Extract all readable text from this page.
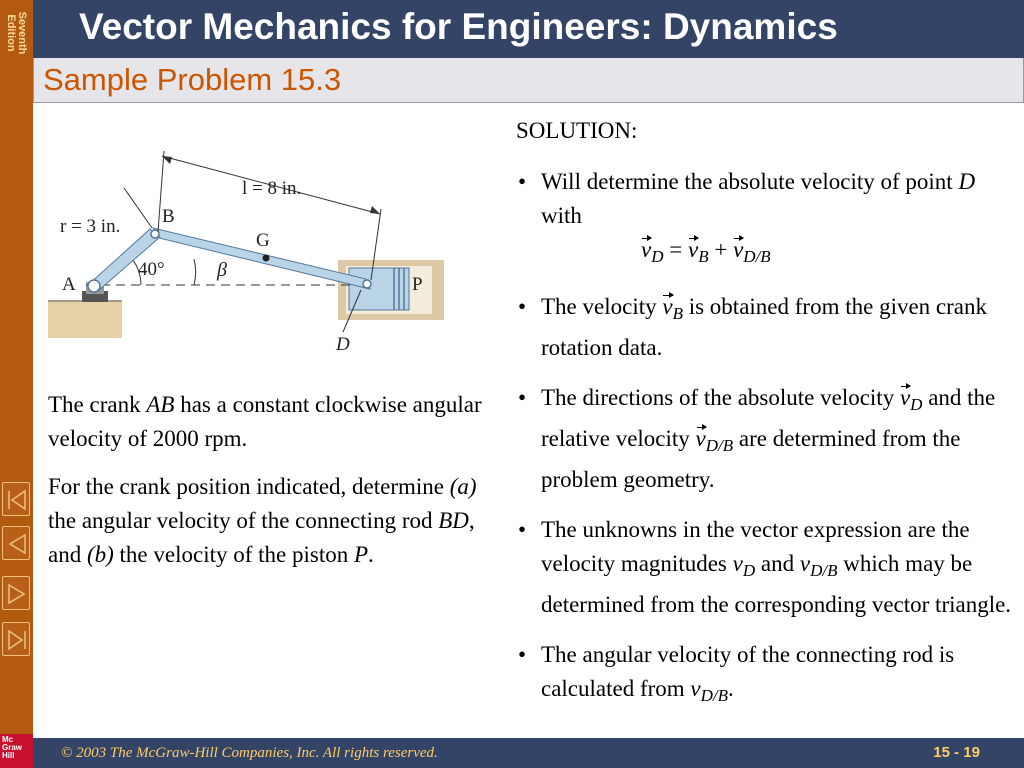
Seventh
Edition
Mc
Graw
Hill
Vector Mechanics for Engineers: Dynamics
Sample Problem 15.3
l = 8 in.
r = 3 in.
40°	β
A
B
G
P
D

The crank AB has a constant clockwise angular velocity of 2000 rpm.

For the crank position indicated, determine (a) the angular velocity of the connecting rod BD, and (b) the velocity of the piston P.

SOLUTION:
• Will determine the absolute velocity of point D with
$v_D = v_B + v_{D/B}$
• The velocity $v_B$ is obtained from the given crank rotation data.
• The directions of the absolute velocity $v_D$ and the relative velocity $v_{D/B}$ are determined from the problem geometry.
• The unknowns in the vector expression are the velocity magnitudes $v_D$ and $v_{D/B}$ which may be determined from the corresponding vector triangle.
• The angular velocity of the connecting rod is calculated from $v_{D/B}$.
© 2003 The McGraw-Hill Companies, Inc. All rights reserved.	15 - 19
